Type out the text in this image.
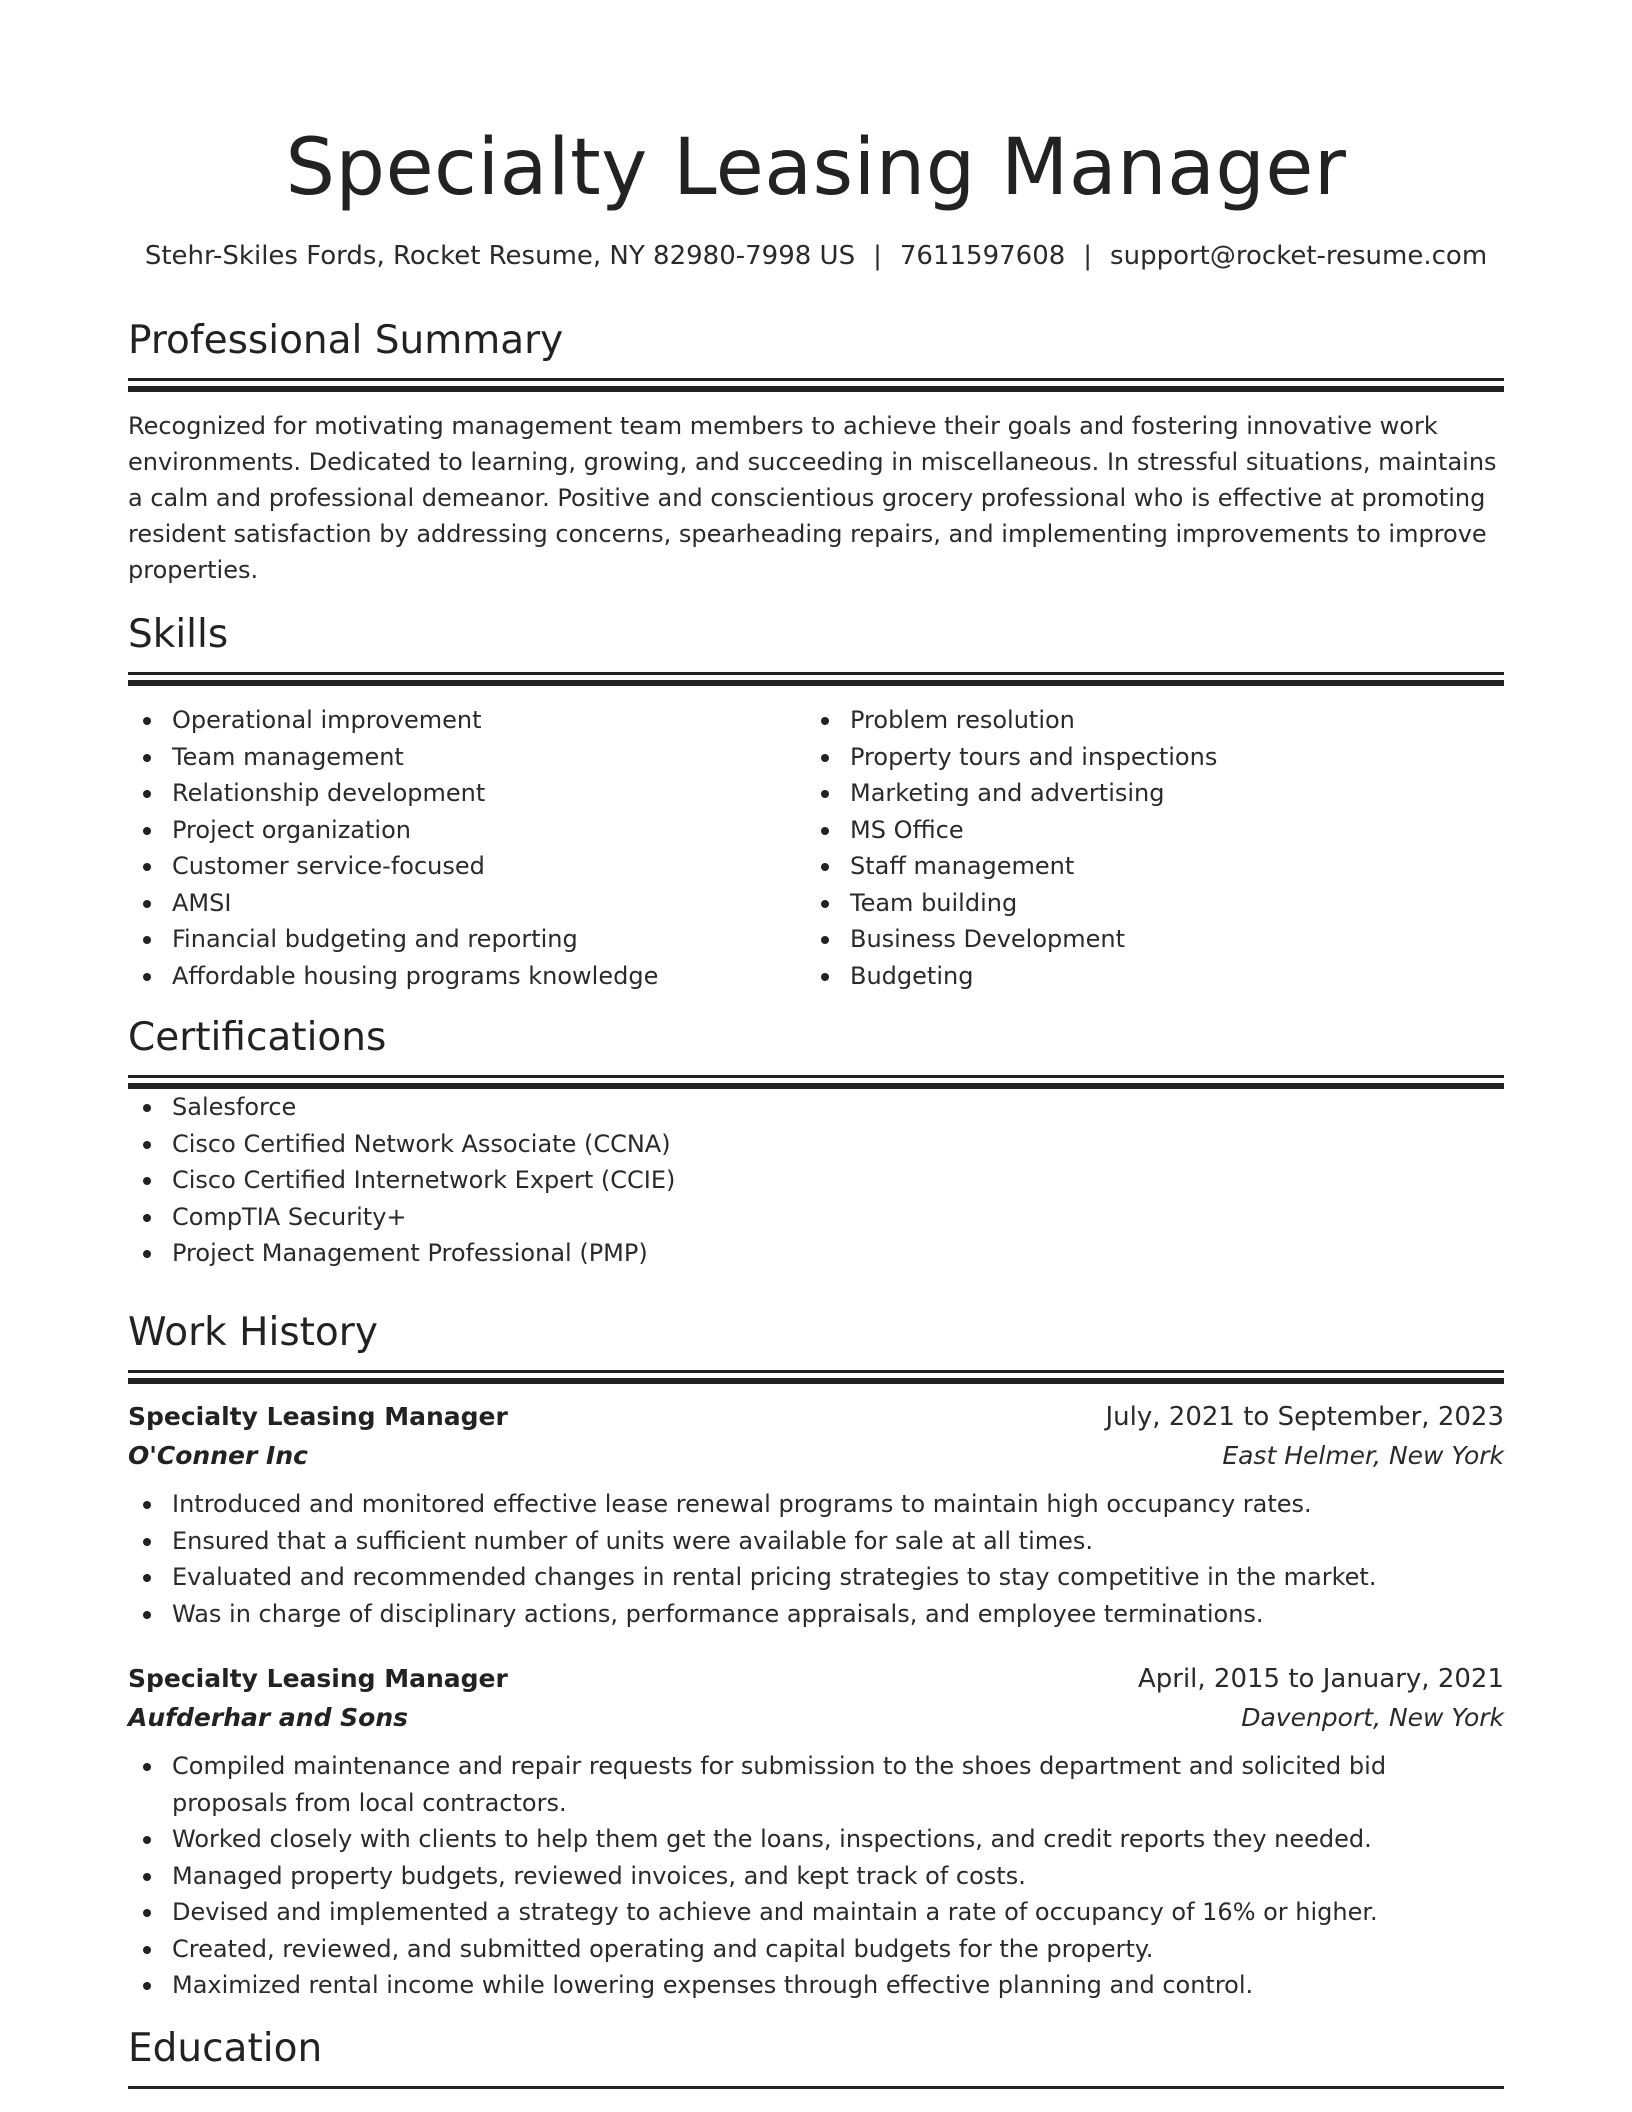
Specialty Leasing Manager
Stehr-Skiles Fords, Rocket Resume, NY 82980-7998 US | 7611597608 | support@rocket-resume.com
Professional Summary

Recognized for motivating management team members to achieve their goals and fostering innovative work environments. Dedicated to learning, growing, and succeeding in miscellaneous. In stressful situations, maintains a calm and professional demeanor. Positive and conscientious grocery professional who is effective at promoting resident satisfaction by addressing concerns, spearheading repairs, and implementing improvements to improve properties.

Skills
Operational improvement
Team management
Relationship development
Project organization
Customer service-focused
AMSI
Financial budgeting and reporting
Affordable housing programs knowledge
Problem resolution
Property tours and inspections
Marketing and advertising
MS Office
Staff management
Team building
Business Development
Budgeting
Certifications
Salesforce
Cisco Certified Network Associate (CCNA)
Cisco Certified Internetwork Expert (CCIE)
CompTIA Security+
Project Management Professional (PMP)
Work History
Specialty Leasing Manager	July, 2021 to September, 2023
O'Conner Inc	East Helmer, New York
Introduced and monitored effective lease renewal programs to maintain high occupancy rates.
Ensured that a sufficient number of units were available for sale at all times.
Evaluated and recommended changes in rental pricing strategies to stay competitive in the market.
Was in charge of disciplinary actions, performance appraisals, and employee terminations.
Specialty Leasing Manager	April, 2015 to January, 2021
Aufderhar and Sons	Davenport, New York
Compiled maintenance and repair requests for submission to the shoes department and solicited bid proposals from local contractors.
Worked closely with clients to help them get the loans, inspections, and credit reports they needed.
Managed property budgets, reviewed invoices, and kept track of costs.
Devised and implemented a strategy to achieve and maintain a rate of occupancy of 16% or higher.
Created, reviewed, and submitted operating and capital budgets for the property.
Maximized rental income while lowering expenses through effective planning and control.
Education
